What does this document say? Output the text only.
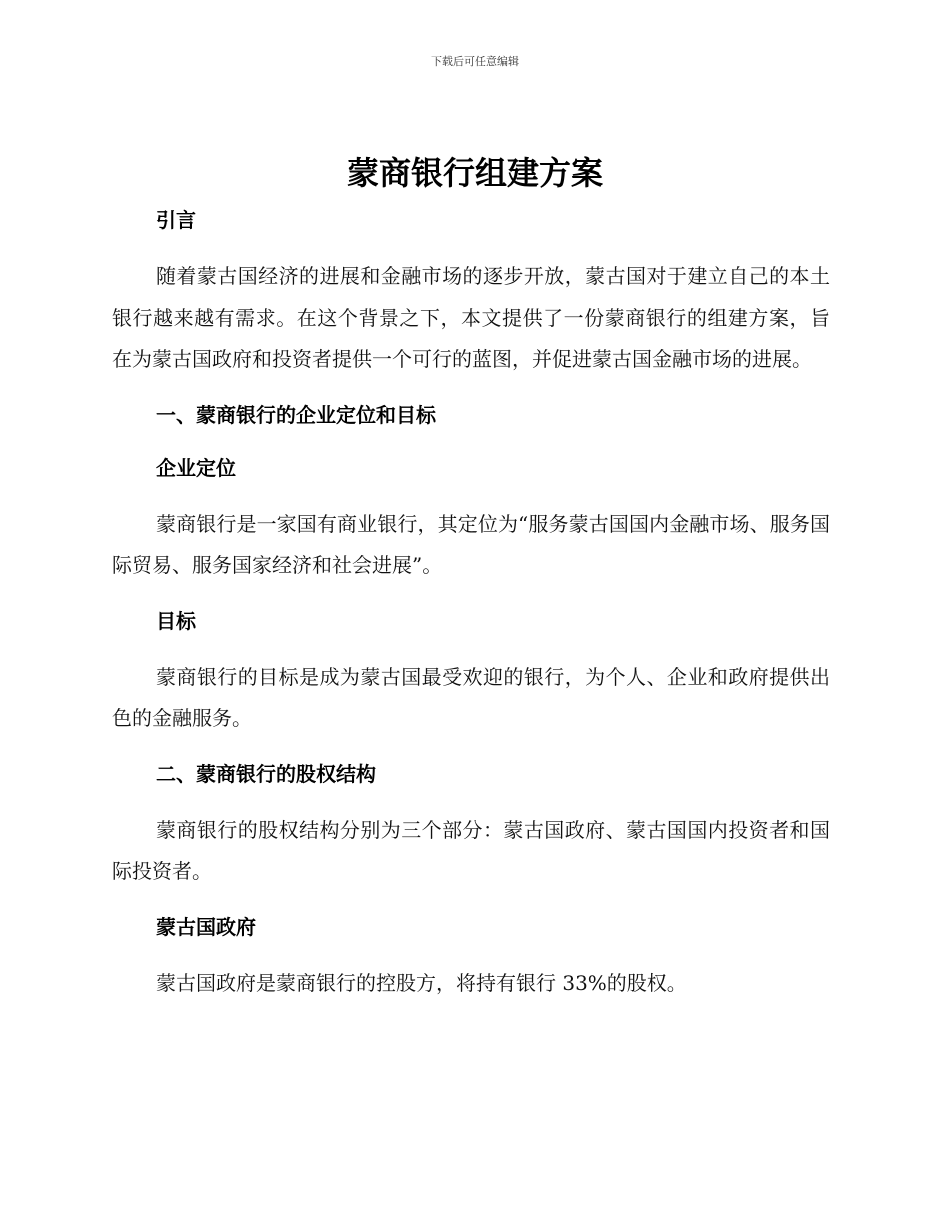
下载后可任意编辑
蒙商银行组建方案

引言

随着蒙古国经济的进展和金融市场的逐步开放，蒙古国对于建立自己的本土银行越来越有需求。在这个背景之下，本文提供了一份蒙商银行的组建方案，旨在为蒙古国政府和投资者提供一个可行的蓝图，并促进蒙古国金融市场的进展。

一、蒙商银行的企业定位和目标

企业定位

蒙商银行是一家国有商业银行，其定位为“服务蒙古国国内金融市场、服务国际贸易、服务国家经济和社会进展”。

目标

蒙商银行的目标是成为蒙古国最受欢迎的银行，为个人、企业和政府提供出色的金融服务。

二、蒙商银行的股权结构

蒙商银行的股权结构分别为三个部分：蒙古国政府、蒙古国国内投资者和国际投资者。

蒙古国政府

蒙古国政府是蒙商银行的控股方，将持有银行 33%的股权。
